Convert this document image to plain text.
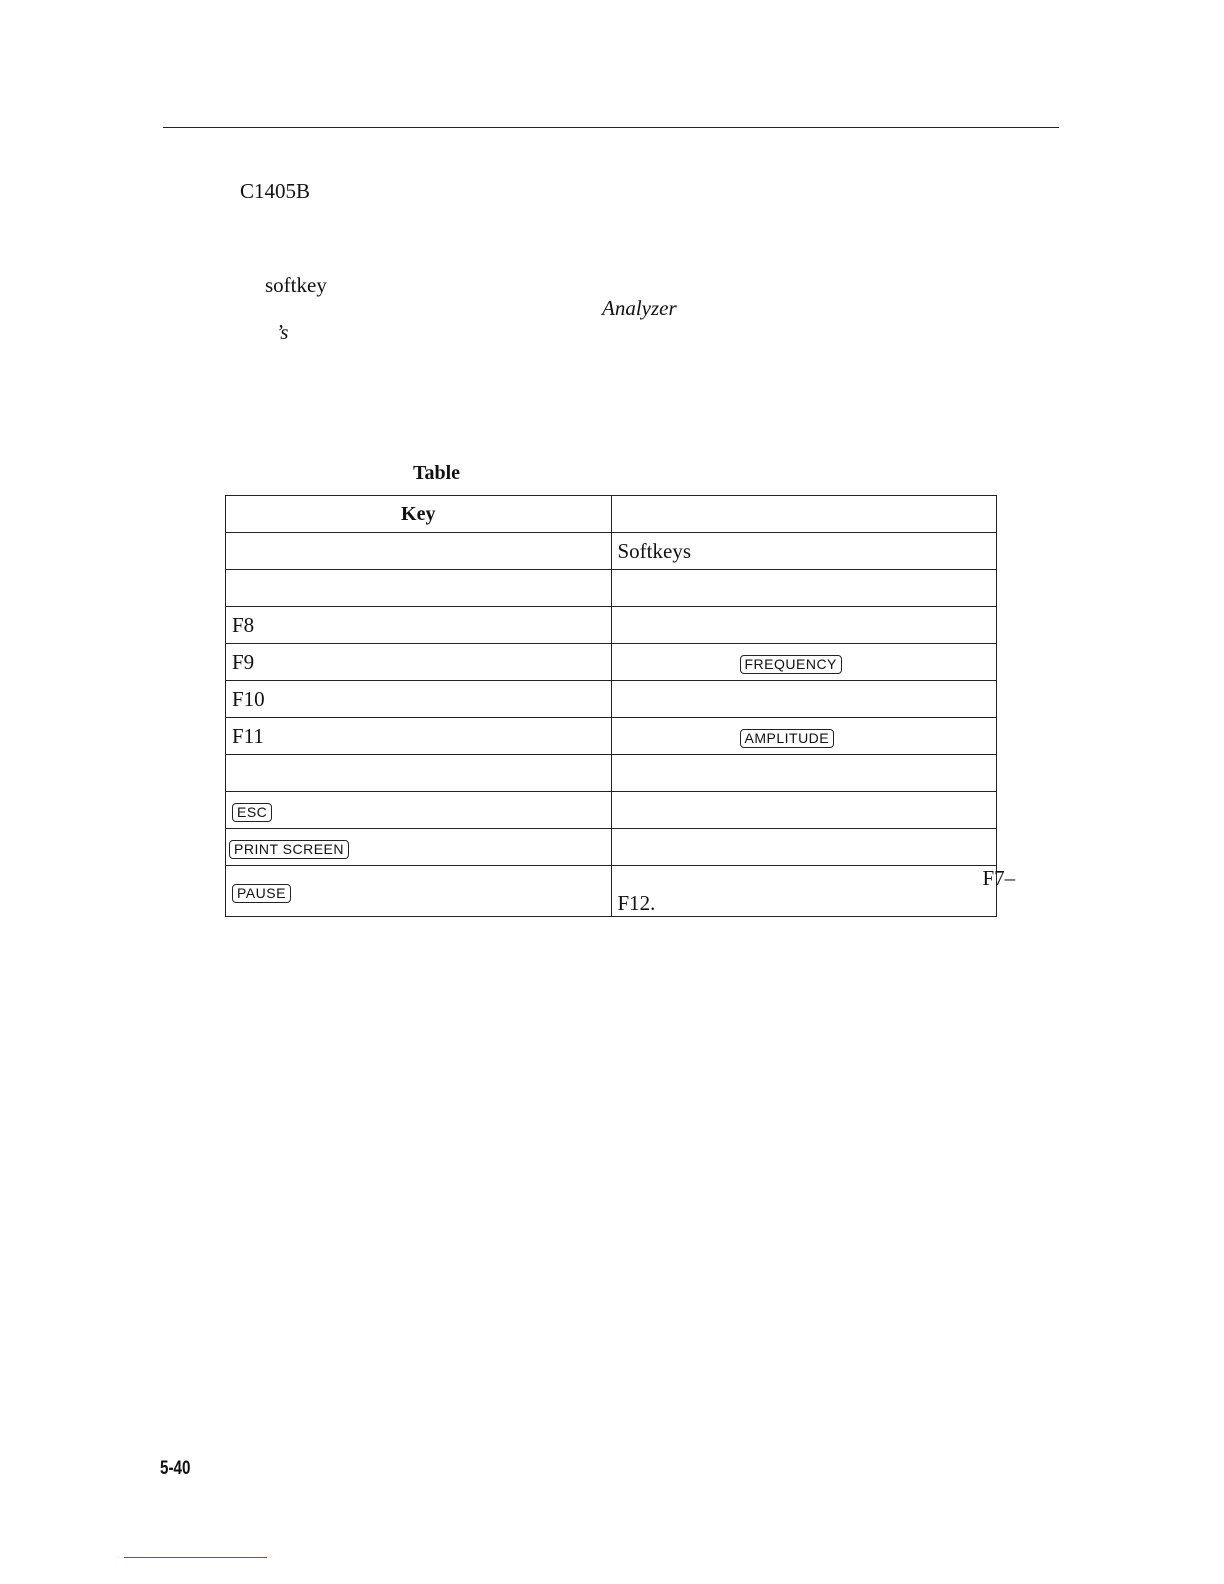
C1405B
softkey
Analyzer
’s
Table
Key	
	Softkeys

F8	
F9	FREQUENCY
F10	
F11	AMPLITUDE

ESC	
PRINT SCREEN	
PAUSE	F7–F12.
5-40
